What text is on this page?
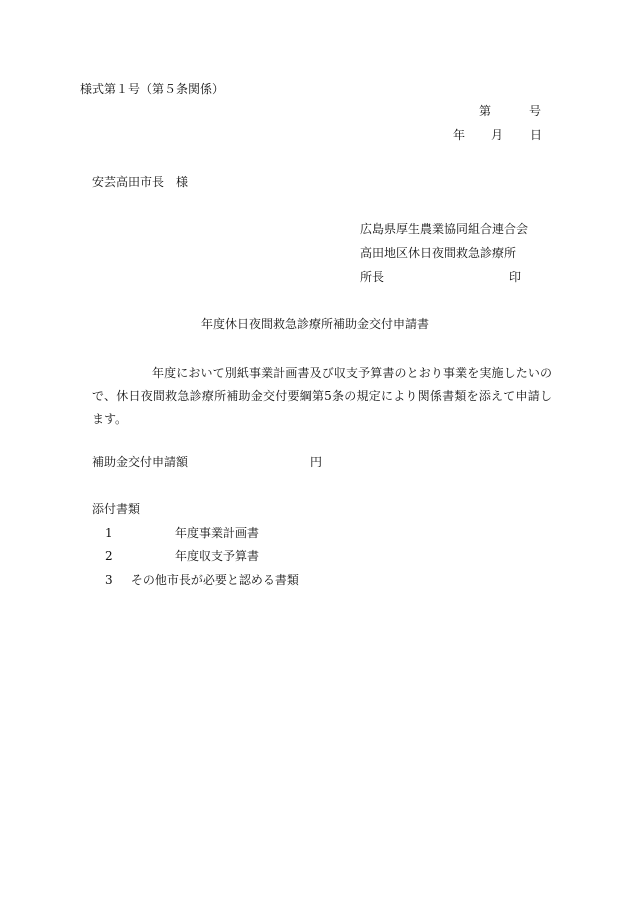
様式第１号（第５条関係）
第	号
年 月 日
安芸高田市長　様
広島県厚生農業協同組合連合会
高田地区休日夜間救急診療所
所長	印
年度休日夜間救急診療所補助金交付申請書
年度において別紙事業計画書及び収支予算書のとおり事業を実施したいので、休日夜間救急診療所補助金交付要綱第5条の規定により関係書類を添えて申請します。
補助金交付申請額	円
添付書類
1	年度事業計画書
2	年度収支予算書
3 その他市長が必要と認める書類
